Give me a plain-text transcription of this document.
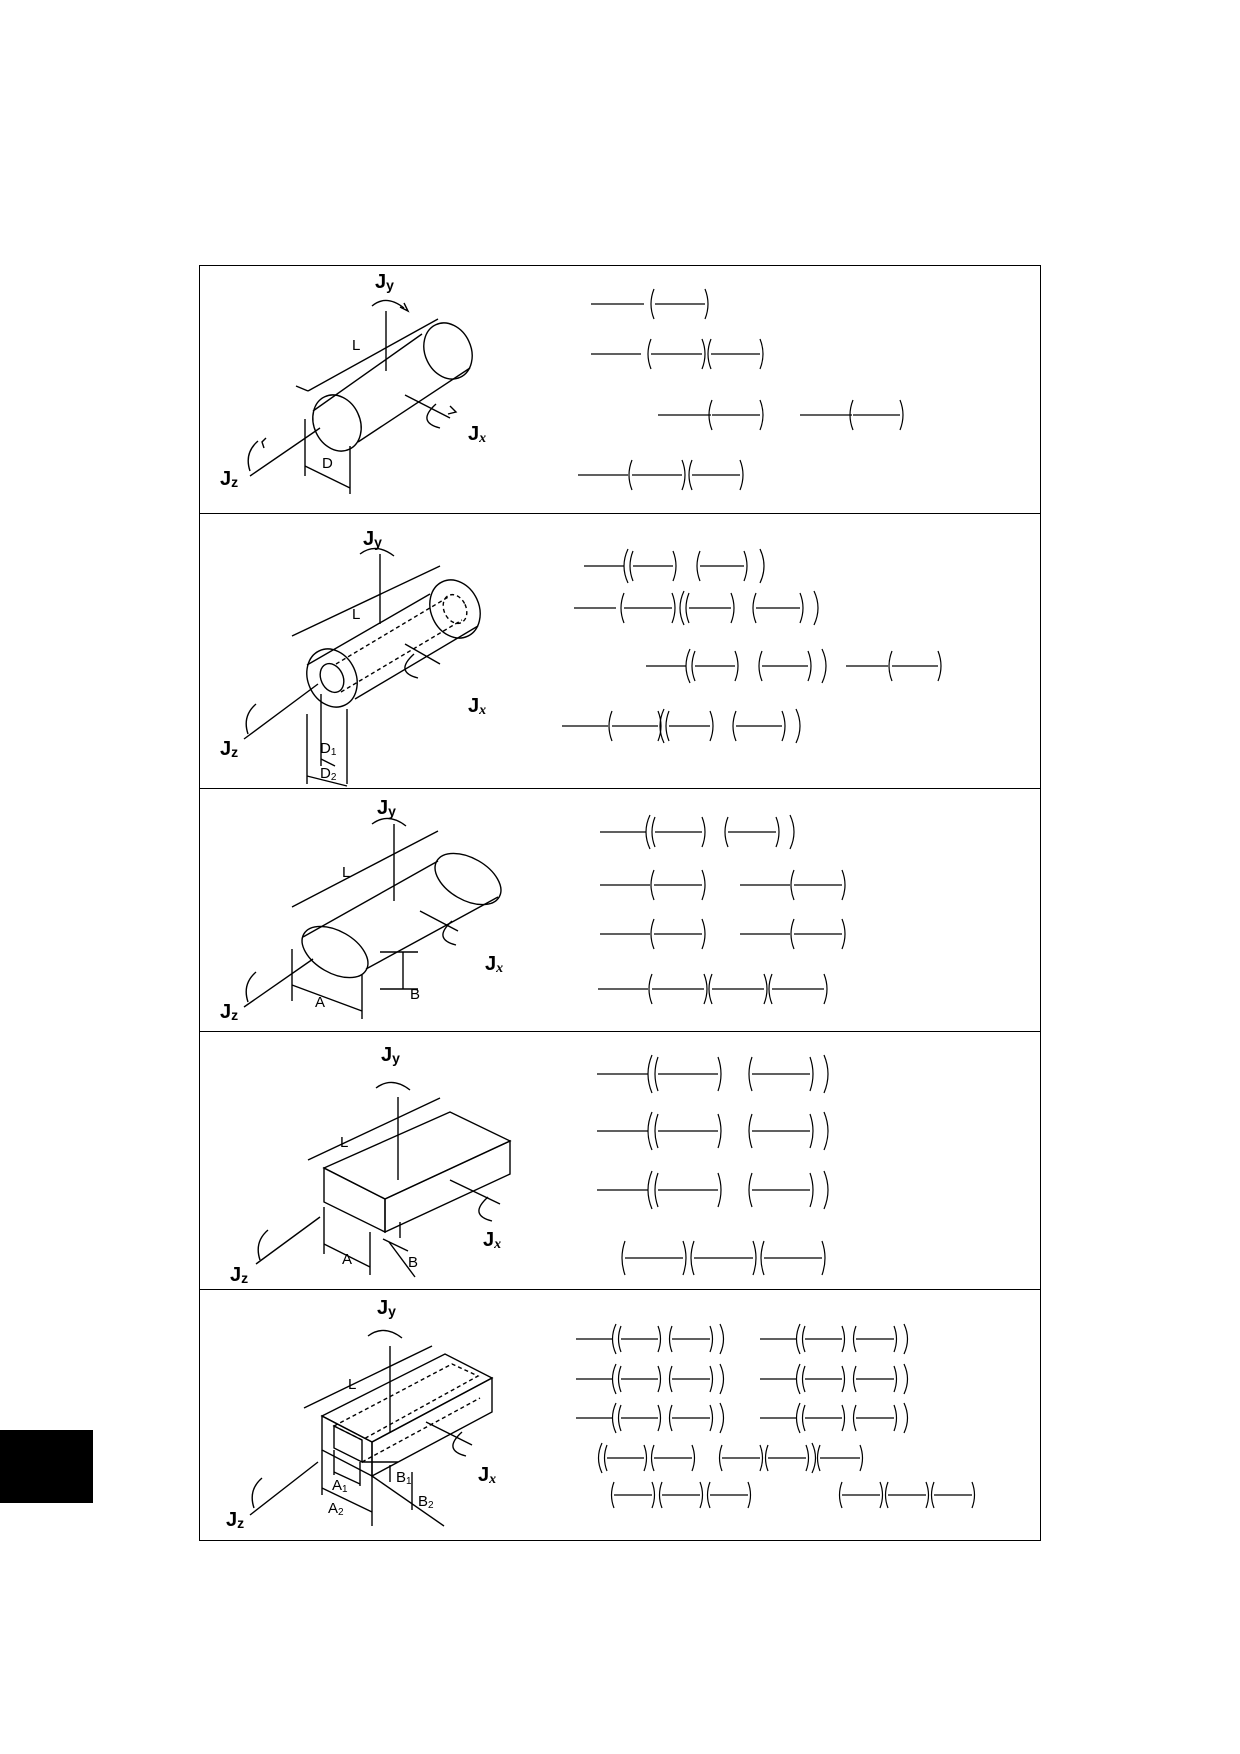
L
D
Jy
Jx
Jz
L
D1
D2
Jy
Jx
Jz
L
A	B
Jy
Jx
Jz
L
A	B
Jy
Jx
Jz
L
A1
A2
B1
B2
Jy
Jx
Jz
